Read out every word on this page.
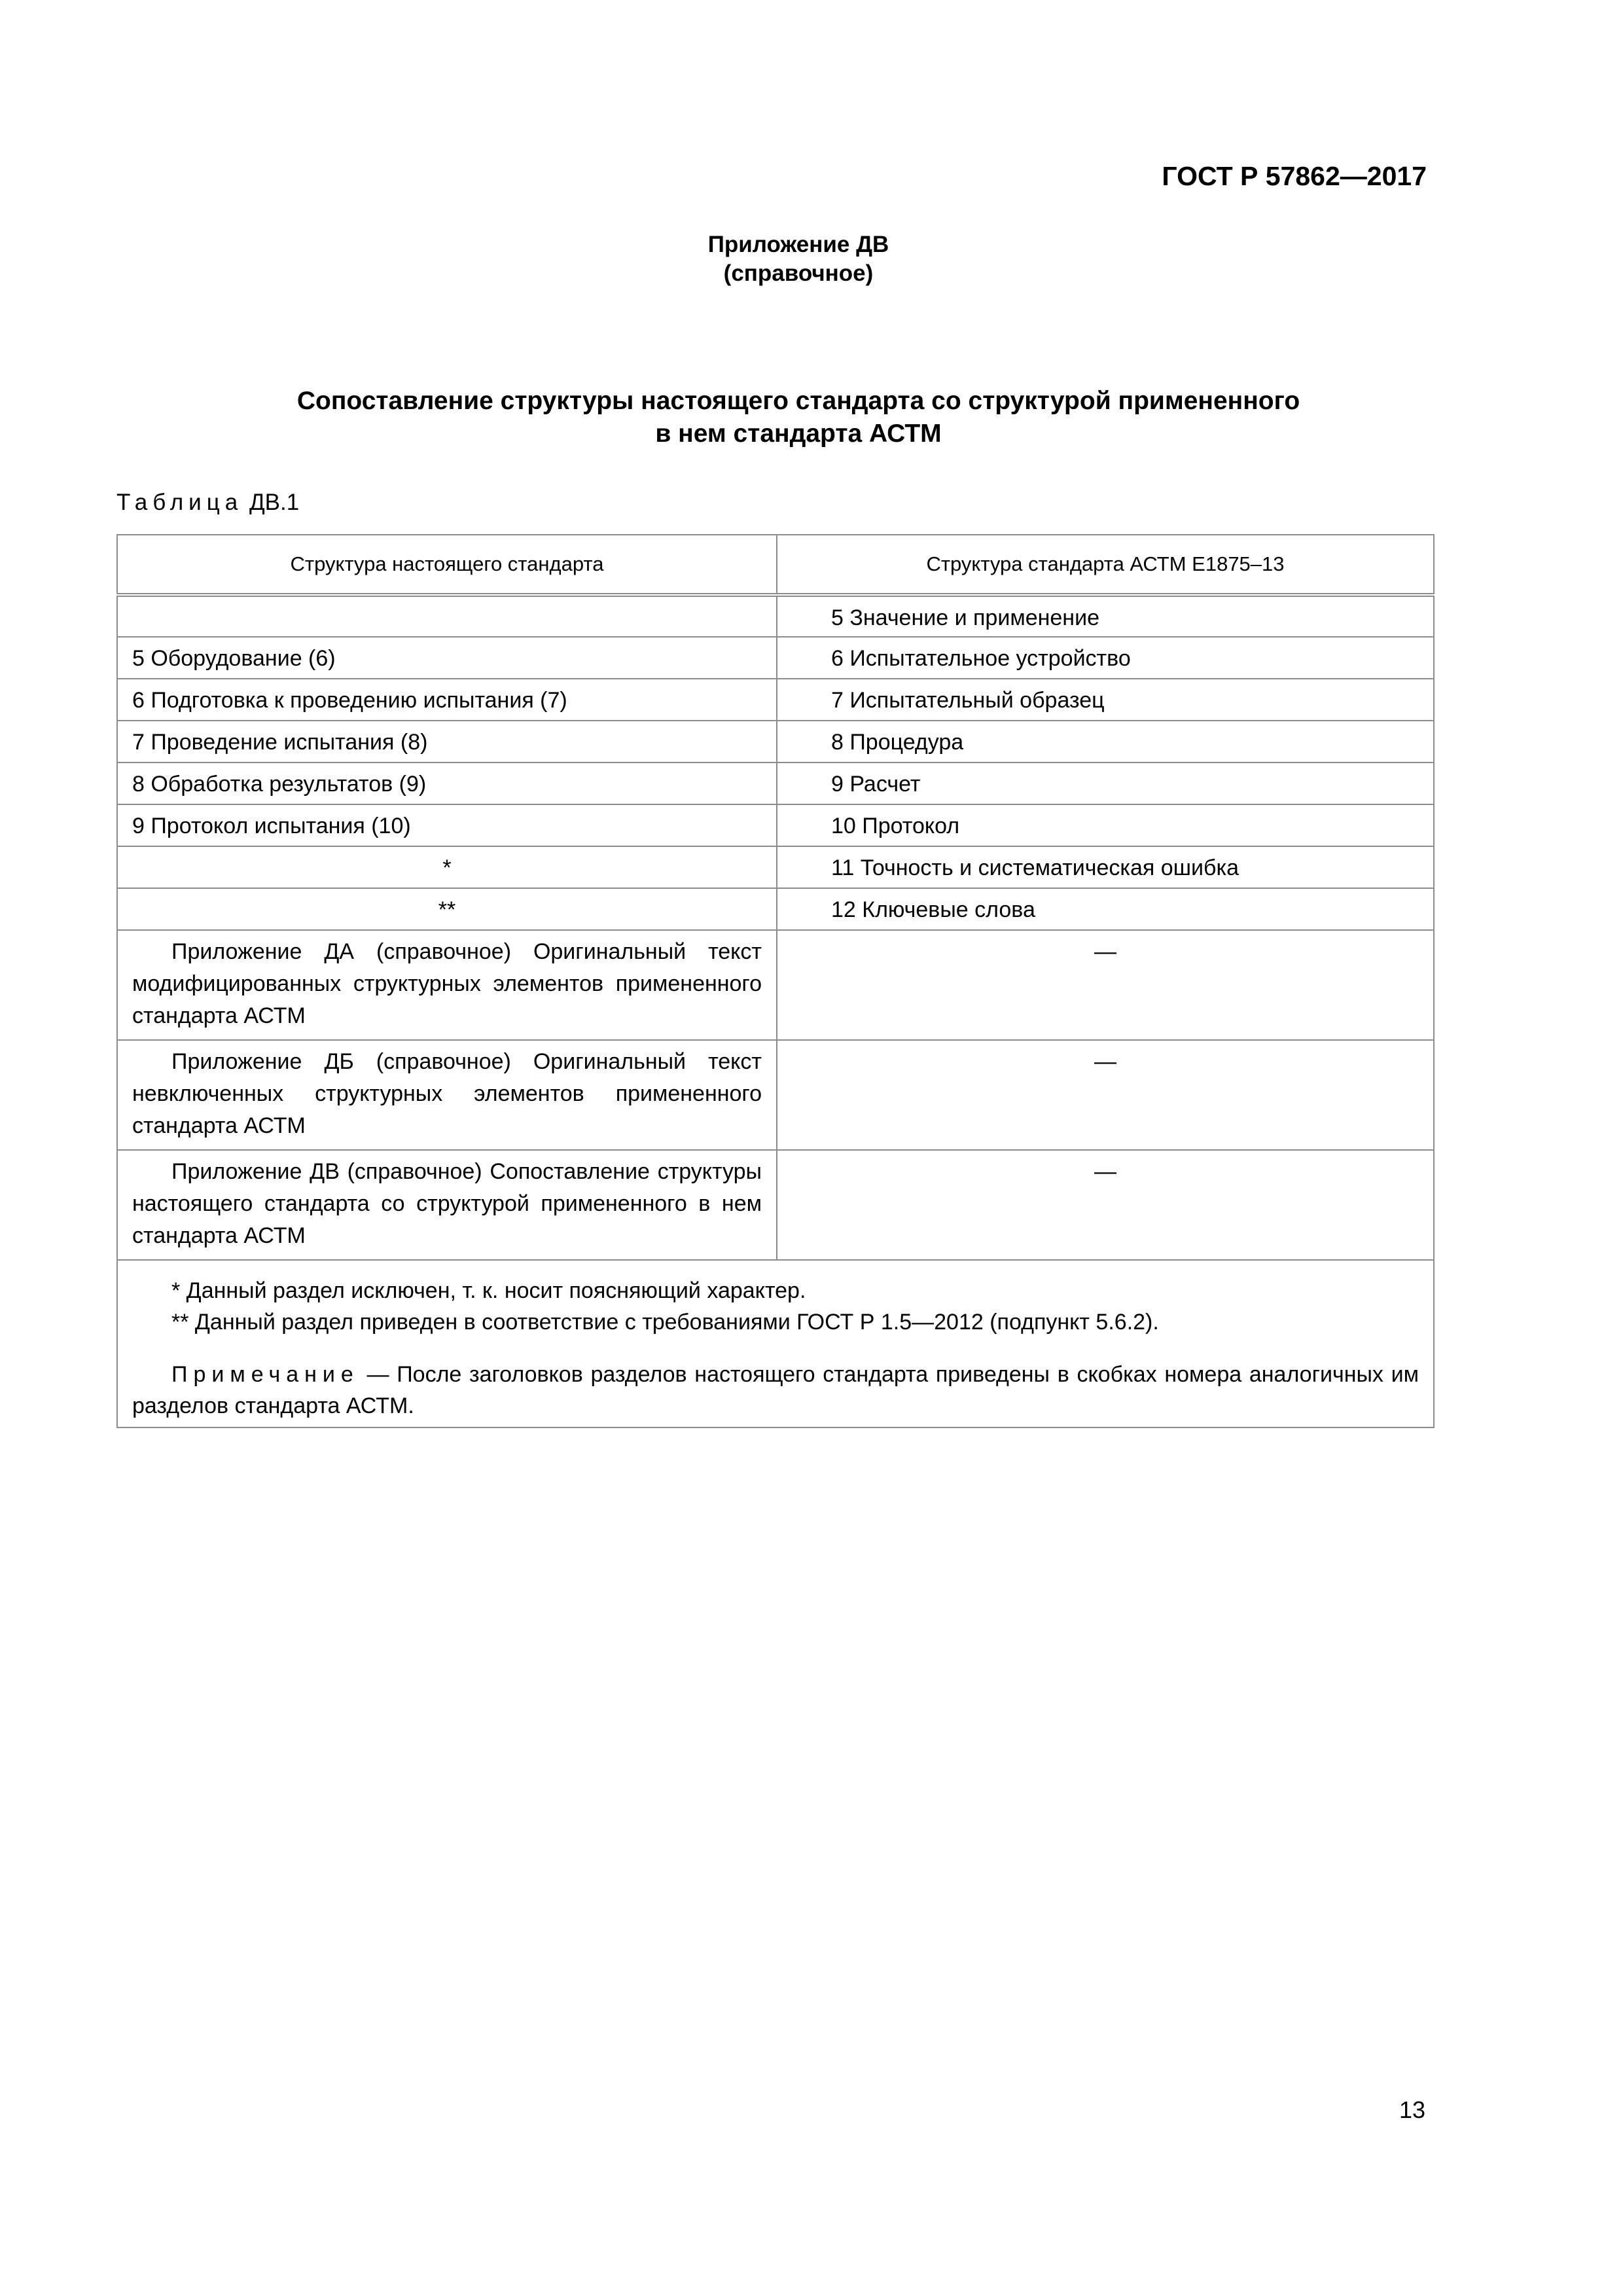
ГОСТ Р 57862—2017
Приложение ДВ
(справочное)
Сопоставление структуры настоящего стандарта со структурой примененного
в нем стандарта АСТМ
Таблица ДВ.1
Структура настоящего стандарта	Структура стандарта АСТМ Е1875–13
	5 Значение и применение
5 Оборудование (6)	6 Испытательное устройство
6 Подготовка к проведению испытания (7)	7 Испытательный образец
7 Проведение испытания (8)	8 Процедура
8 Обработка результатов (9)	9 Расчет
9 Протокол испытания (10)	10 Протокол
*	11 Точность и систематическая ошибка
**	12 Ключевые слова
Приложение ДА (справочное) Оригинальный текст модифицированных структурных элементов примененного стандарта АСТМ	—
Приложение ДБ (справочное) Оригинальный текст невключенных структурных элементов примененного стандарта АСТМ	—
Приложение ДВ (справочное) Сопоставление структуры настоящего стандарта со структурой примененного в нем стандарта АСТМ	—

* Данный раздел исключен, т. к. носит поясняющий характер.
** Данный раздел приведен в соответствие с требованиями ГОСТ Р 1.5—2012 (подпункт 5.6.2).
Примечание — После заголовков разделов настоящего стандарта приведены в скобках номера аналогичных им разделов стандарта АСТМ.	
13
